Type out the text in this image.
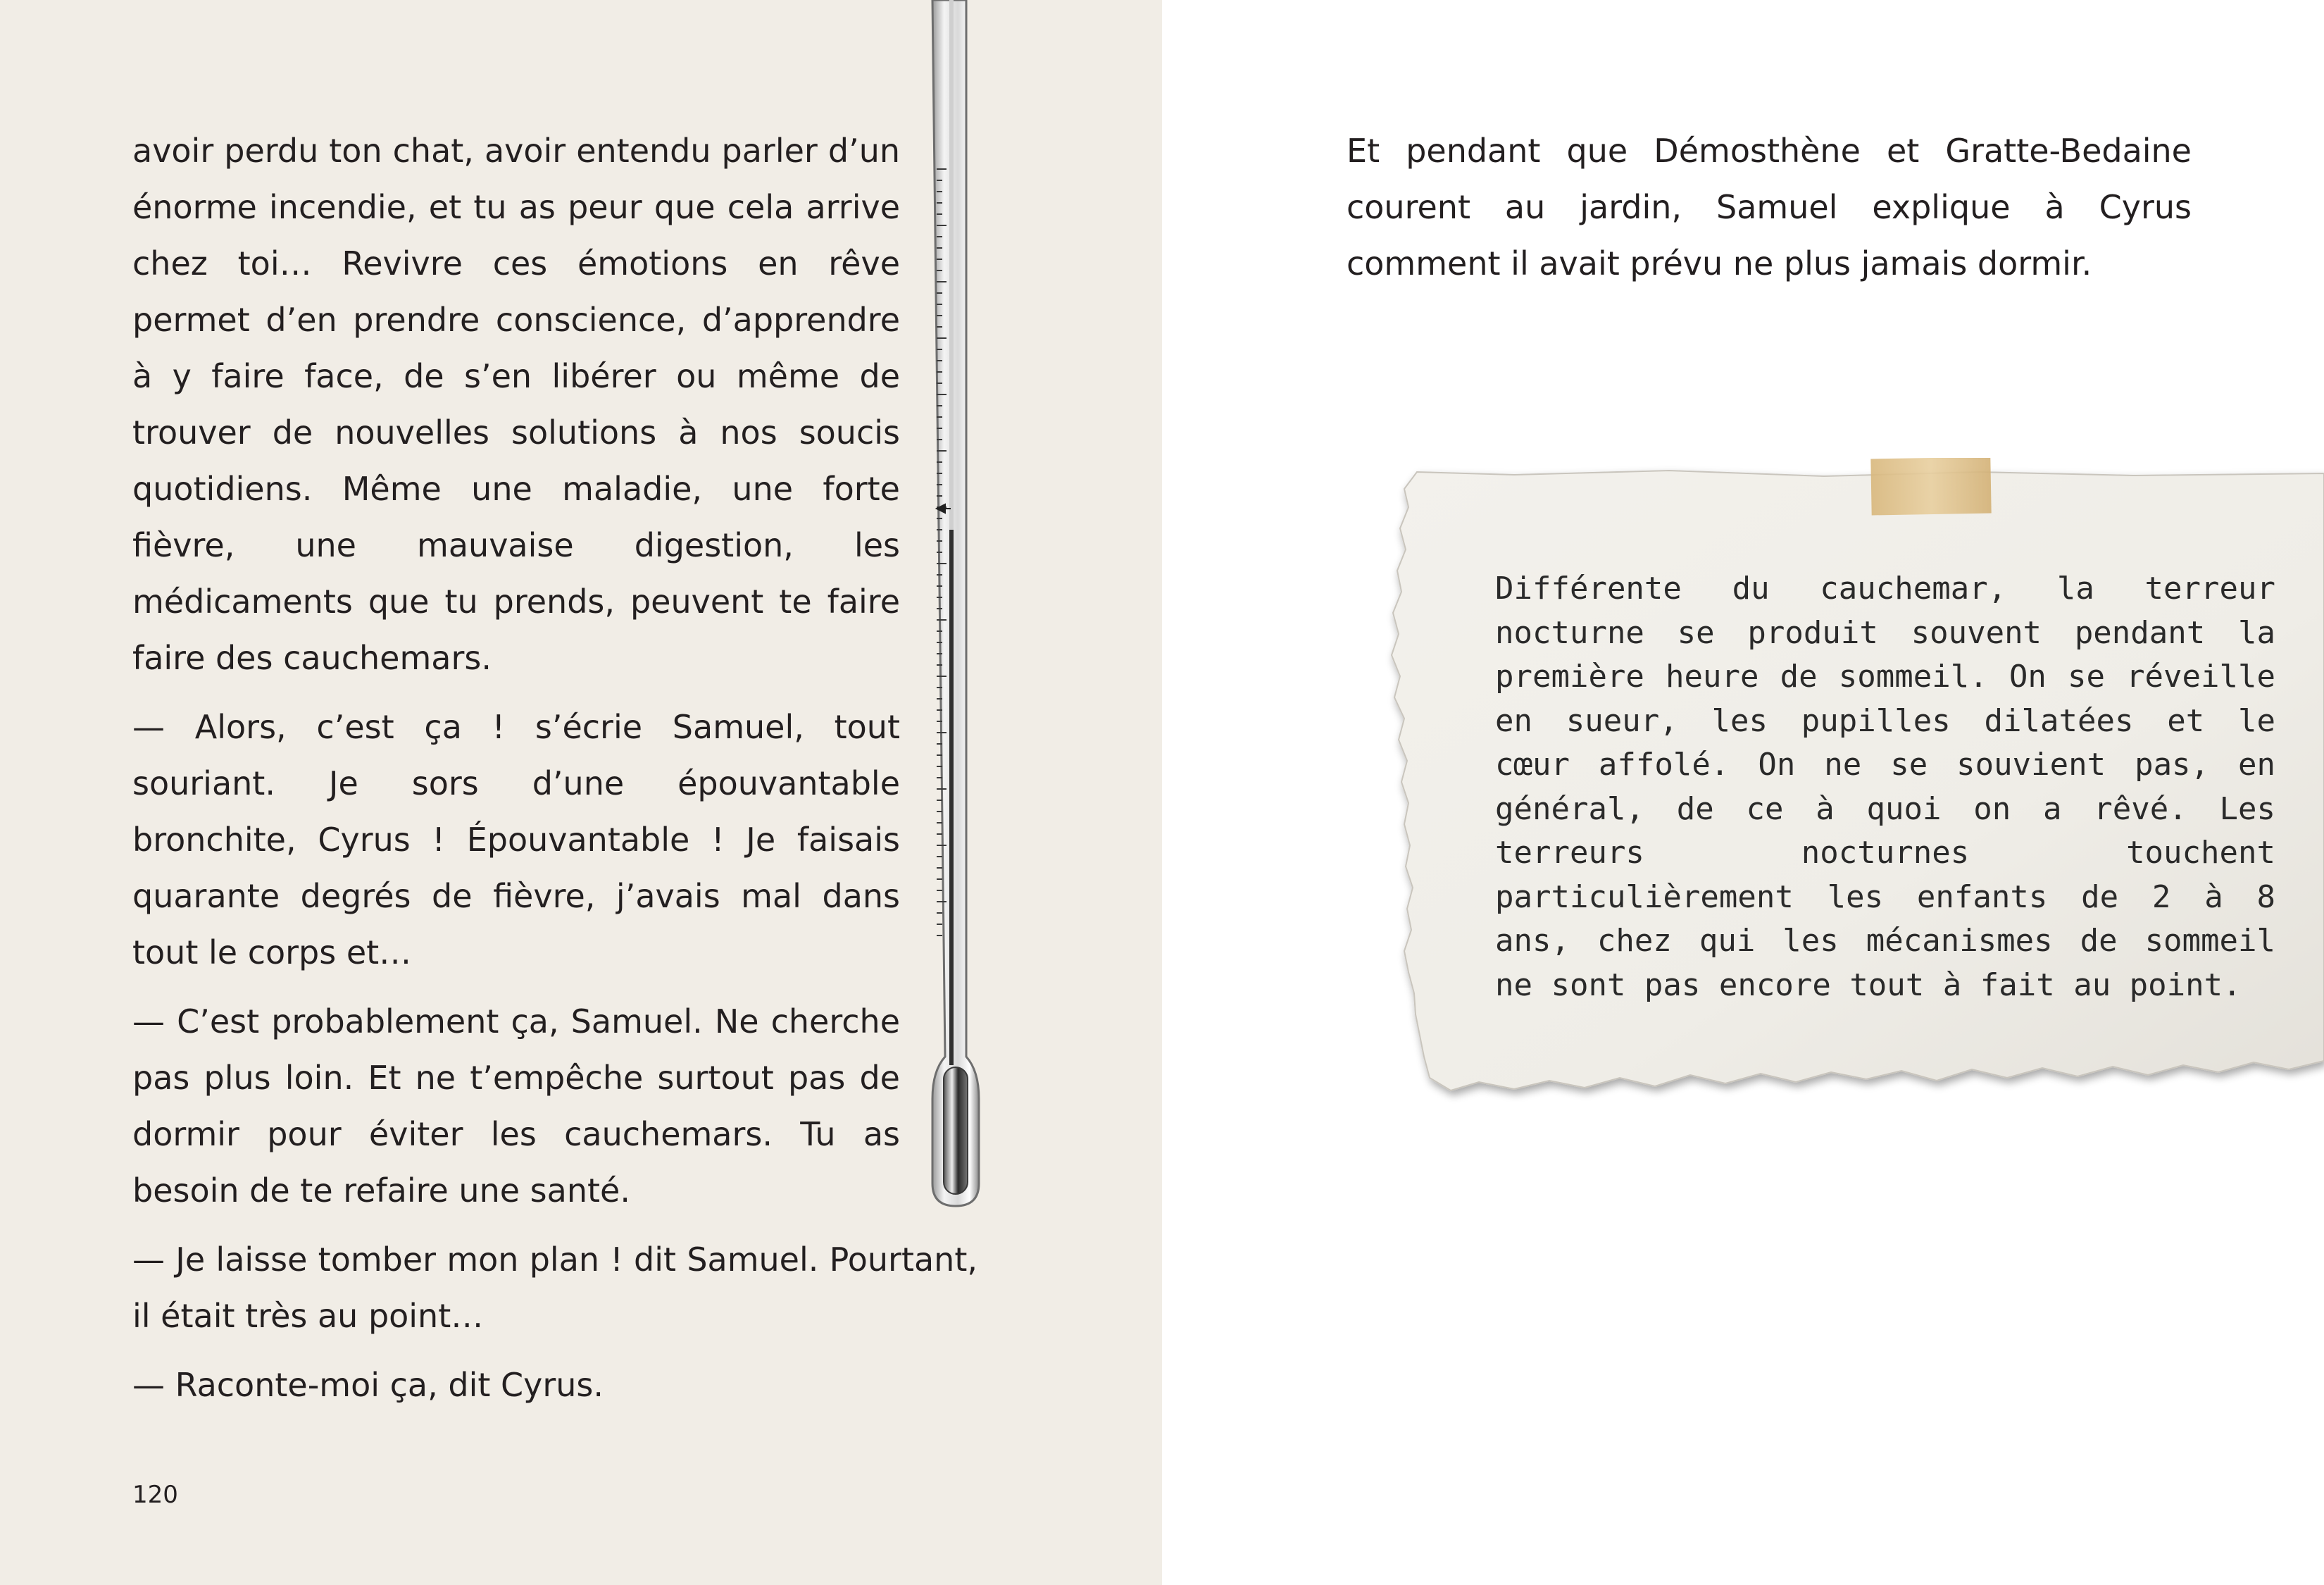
avoir perdu ton chat, avoir entendu parler d’un énorme incendie, et tu as peur que cela arrive chez toi… Revivre ces émotions en rêve permet d’en prendre conscience, d’apprendre à y faire face, de s’en libérer ou même de trouver de nouvelles solutions à nos soucis quotidiens. Même une maladie, une forte fièvre, une mauvaise digestion, les médicaments que tu prends, peuvent te faire faire des cauchemars.

— Alors, c’est ça ! s’écrie Samuel, tout souriant. Je sors d’une épouvantable bronchite, Cyrus ! Épouvantable ! Je faisais quarante degrés de fièvre, j’avais mal dans tout le corps et…

— C’est probablement ça, Samuel. Ne cherche pas plus loin. Et ne t’empêche surtout pas de dormir pour éviter les cauchemars. Tu as besoin de te refaire une santé.

— Je laisse tomber mon plan ! dit Samuel. Pourtant, il était très au point…

— Raconte-moi ça, dit Cyrus.

120
Et pendant que Démosthène et Gratte-Bedaine courent au jardin, Samuel explique à Cyrus comment il avait prévu ne plus jamais dormir.

Différente du cauchemar, la terreur nocturne se produit souvent pendant la première heure de sommeil. On se réveille en sueur, les pupilles dilatées et le cœur affolé. On ne se souvient pas, en général, de ce à quoi on a rêvé. Les terreurs nocturnes touchent particulièrement les enfants de 2 à 8 ans, chez qui les mécanismes de sommeil ne sont pas encore tout à fait au point.
